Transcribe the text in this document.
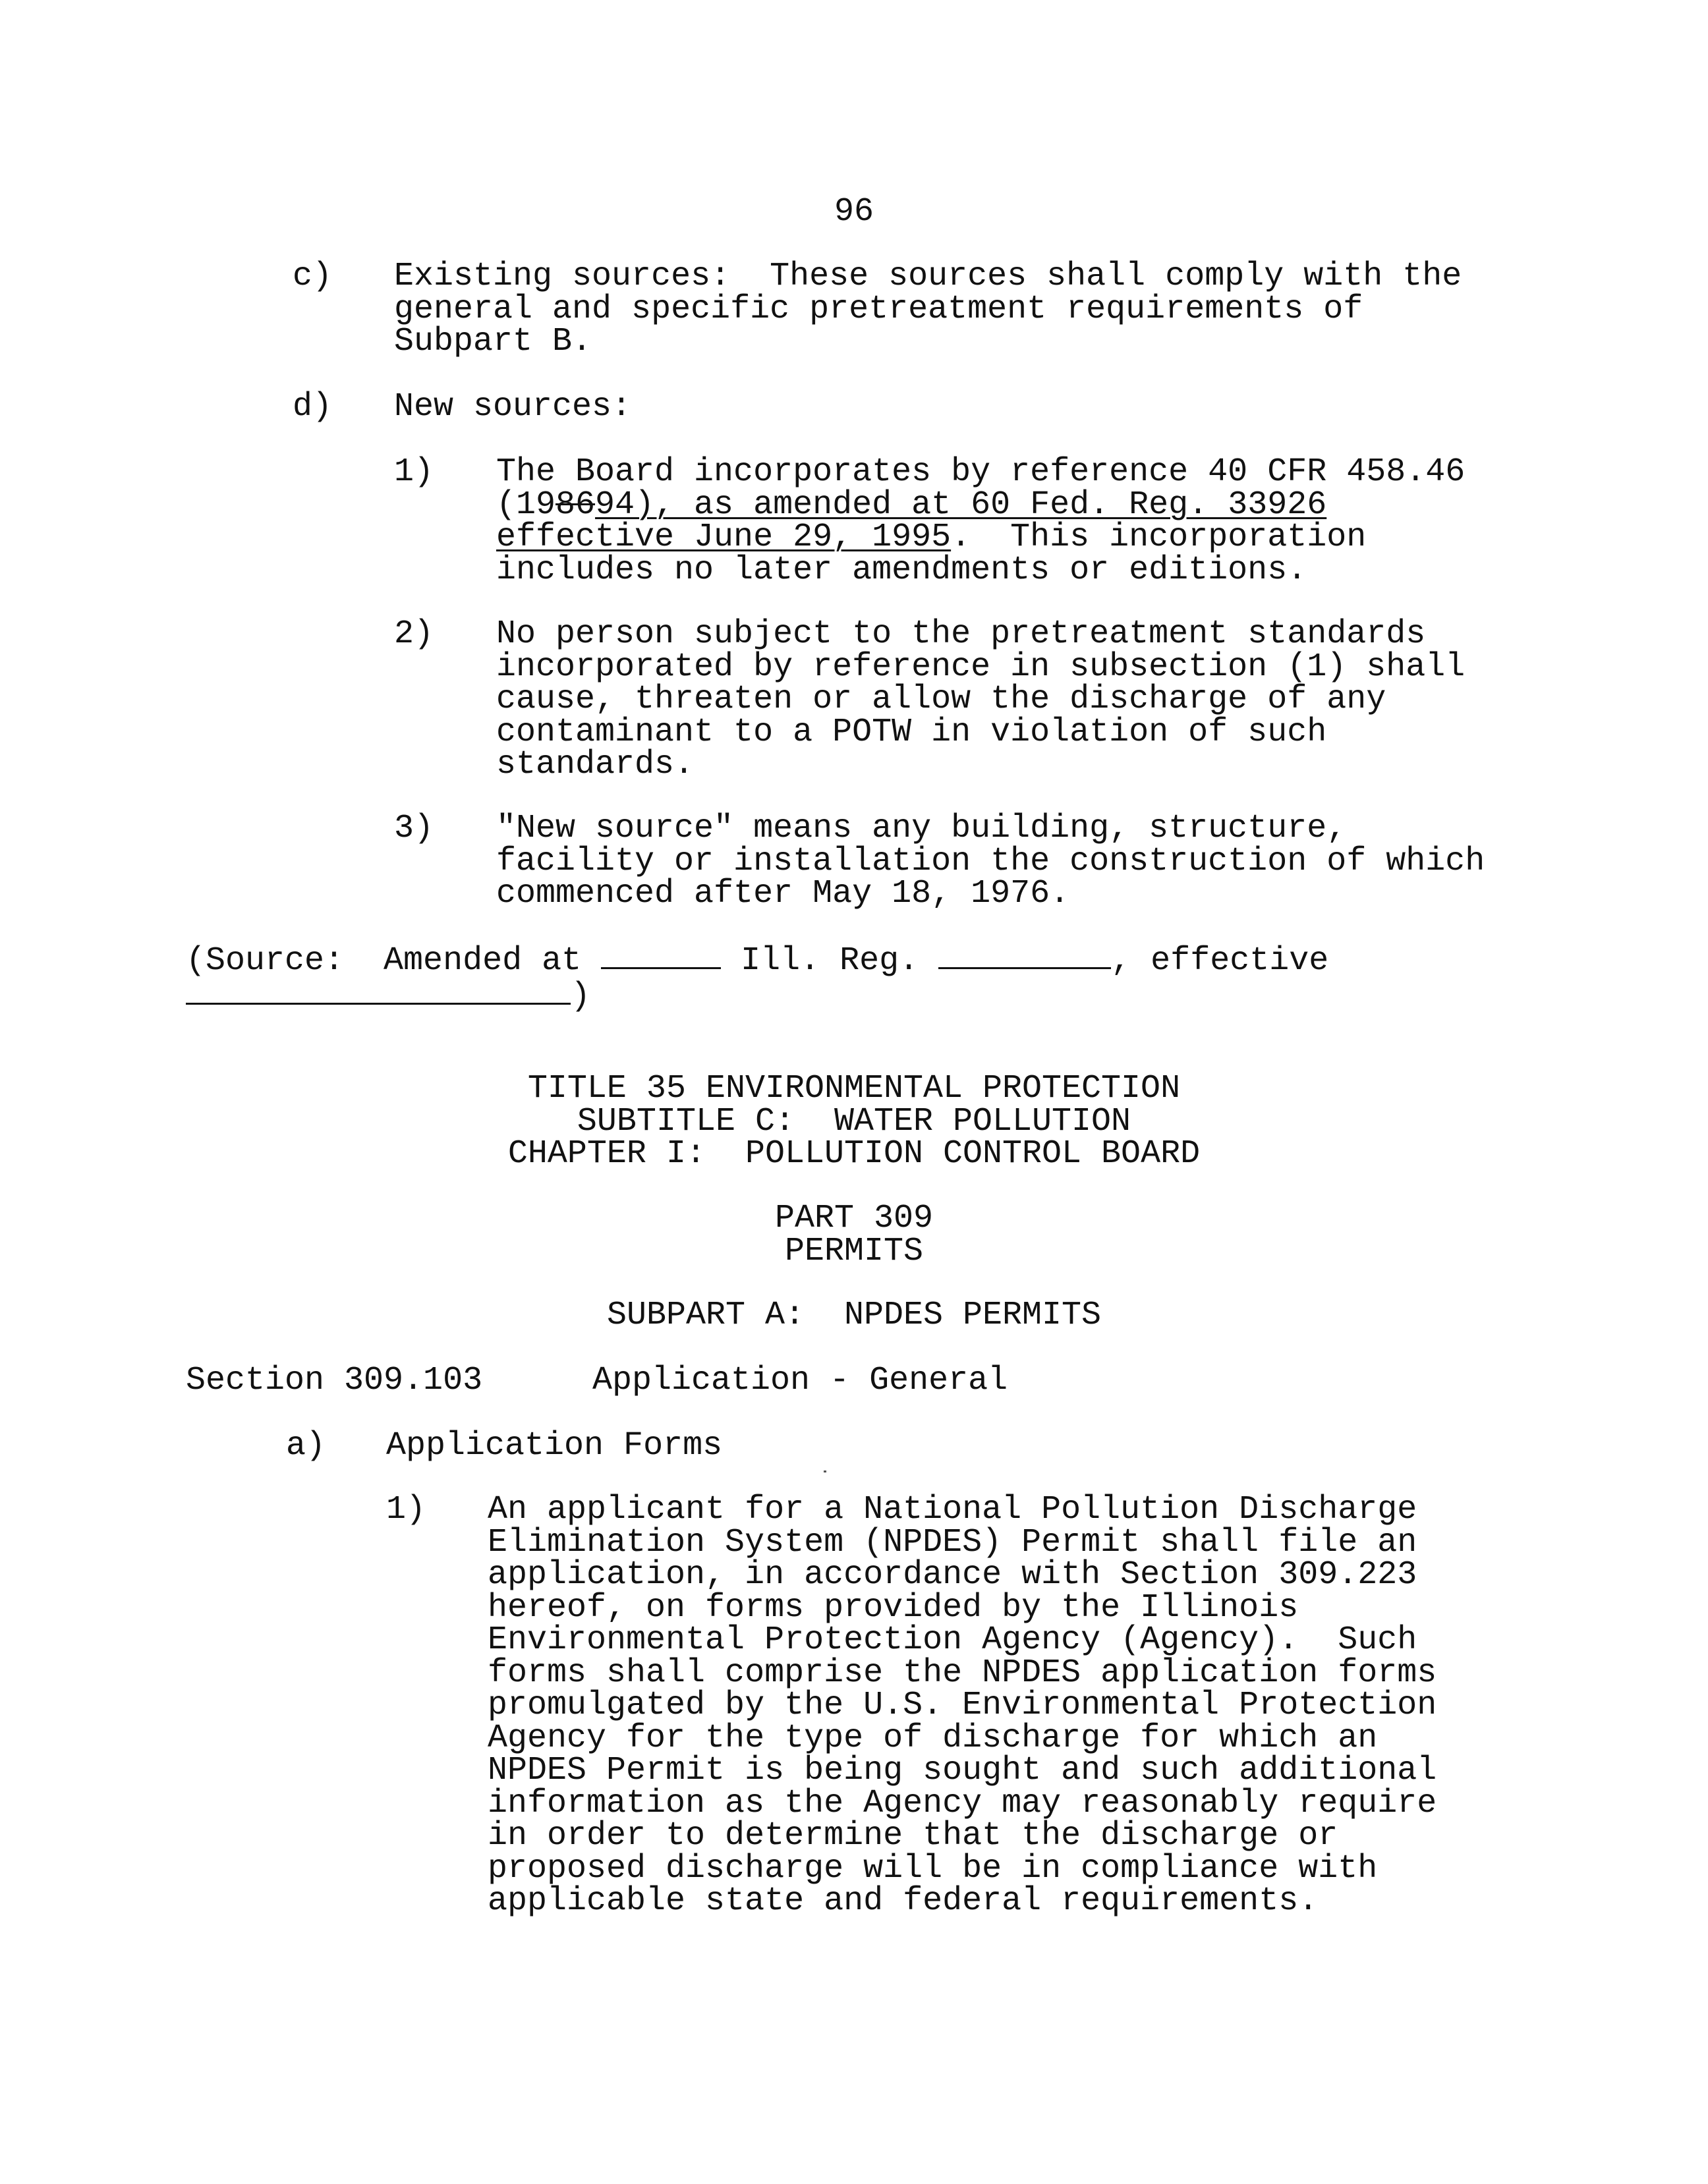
96
c) Existing sources:  These sources shall comply with the
general and specific pretreatment requirements of
Subpart B.
d) New sources:
1) The Board incorporates by reference 40 CFR 458.46
(198694), as amended at 60 Fed. Reg. 33926
effective June 29, 1995.  This incorporation
includes no later amendments or editions.
2) No person subject to the pretreatment standards
incorporated by reference in subsection (1) shall
cause, threaten or allow the discharge of any
contaminant to a POTW in violation of such
standards.
3) "New source" means any building, structure,
facility or installation the construction of which
commenced after May 18, 1976.
(Source:  Amended at	Ill. Reg.	, effective
)
TITLE 35 ENVIRONMENTAL PROTECTION
SUBTITLE C:  WATER POLLUTION
CHAPTER I:  POLLUTION CONTROL BOARD
PART 309
PERMITS
SUBPART A:  NPDES PERMITS
Section 309.103	Application - General
a) Application Forms
1) An applicant for a National Pollution Discharge
Elimination System (NPDES) Permit shall file an
application, in accordance with Section 309.223
hereof, on forms provided by the Illinois
Environmental Protection Agency (Agency).  Such
forms shall comprise the NPDES application forms
promulgated by the U.S. Environmental Protection
Agency for the type of discharge for which an
NPDES Permit is being sought and such additional
information as the Agency may reasonably require
in order to determine that the discharge or
proposed discharge will be in compliance with
applicable state and federal requirements.
